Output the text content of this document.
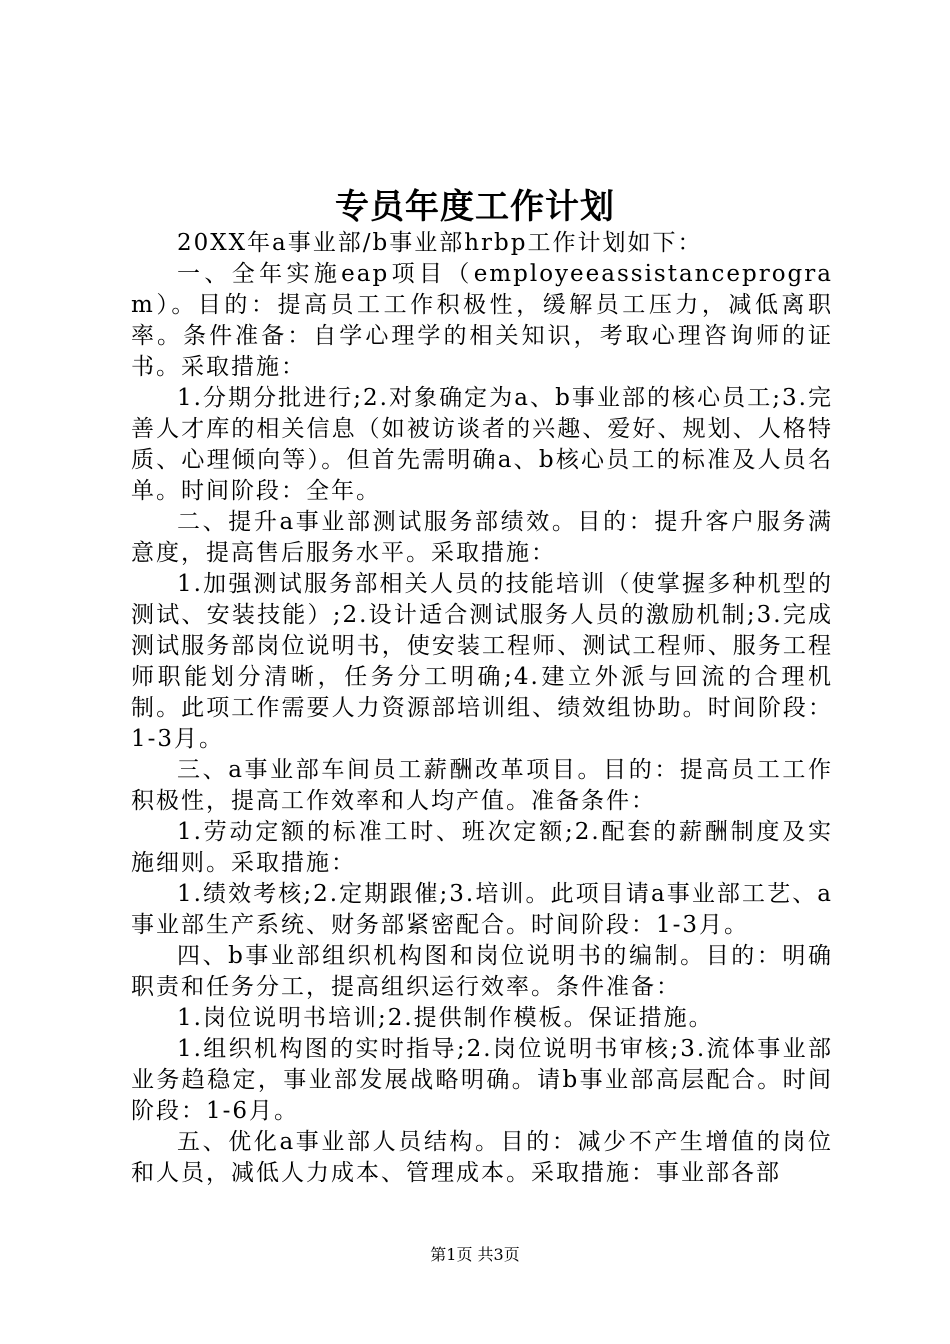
专员年度工作计划

20XX年a事业部/b事业部hrbp工作计划如下：

一、全年实施eap项目（employeeassistanceprogram）。目的：提高员工工作积极性，缓解员工压力，减低离职率。条件准备：自学心理学的相关知识，考取心理咨询师的证书。采取措施：

1.分期分批进行;2.对象确定为a、b事业部的核心员工;3.完善人才库的相关信息（如被访谈者的兴趣、爱好、规划、人格特质、心理倾向等）。但首先需明确a、b核心员工的标准及人员名单。时间阶段：全年。

二、提升a事业部测试服务部绩效。目的：提升客户服务满意度，提高售后服务水平。采取措施：

1.加强测试服务部相关人员的技能培训（使掌握多种机型的测试、安装技能）;2.设计适合测试服务人员的激励机制;3.完成测试服务部岗位说明书，使安装工程师、测试工程师、服务工程师职能划分清晰，任务分工明确;4.建立外派与回流的合理机制。此项工作需要人力资源部培训组、绩效组协助。时间阶段：1-3月。

三、a事业部车间员工薪酬改革项目。目的：提高员工工作积极性，提高工作效率和人均产值。准备条件：

1.劳动定额的标准工时、班次定额;2.配套的薪酬制度及实施细则。采取措施：

1.绩效考核;2.定期跟催;3.培训。此项目请a事业部工艺、a事业部生产系统、财务部紧密配合。时间阶段：1-3月。

四、b事业部组织机构图和岗位说明书的编制。目的：明确职责和任务分工，提高组织运行效率。条件准备：

1.岗位说明书培训;2.提供制作模板。保证措施。

1.组织机构图的实时指导;2.岗位说明书审核;3.流体事业部业务趋稳定，事业部发展战略明确。请b事业部高层配合。时间阶段：1-6月。

五、优化a事业部人员结构。目的：减少不产生增值的岗位和人员，减低人力成本、管理成本。采取措施：事业部各部

第1页 共3页
